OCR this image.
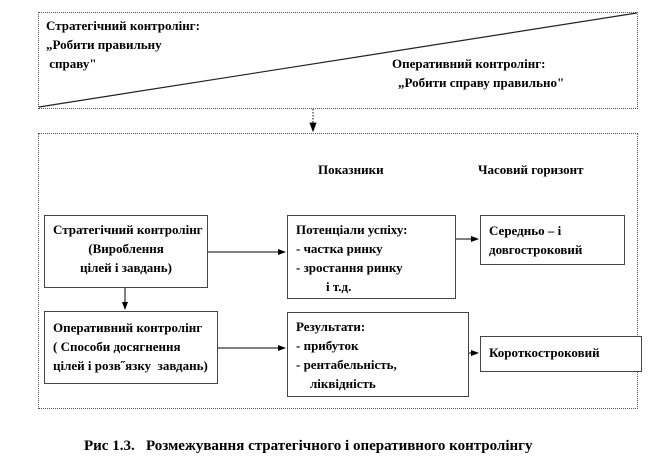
Стратегічний контролінг:
„Робити правильну
справу"	Оперативний контролінг:
„Робити справу правильно"
Показники	Часовий горизонт
Стратегічний контролінг
(Вироблення
цілей і завдань)
Потенціали успіху:
- частка ринку
- зростання ринку
і т.д.
Середньо – і
довгостроковий
Оперативний контролінг
( Способи досягнення
цілей і розв˝язку  завдань)
Результати:
- прибуток
- рентабельність,
ліквідність
Короткостроковий
Рис 1.3.   Розмежування стратегічного і оперативного контролінгу
